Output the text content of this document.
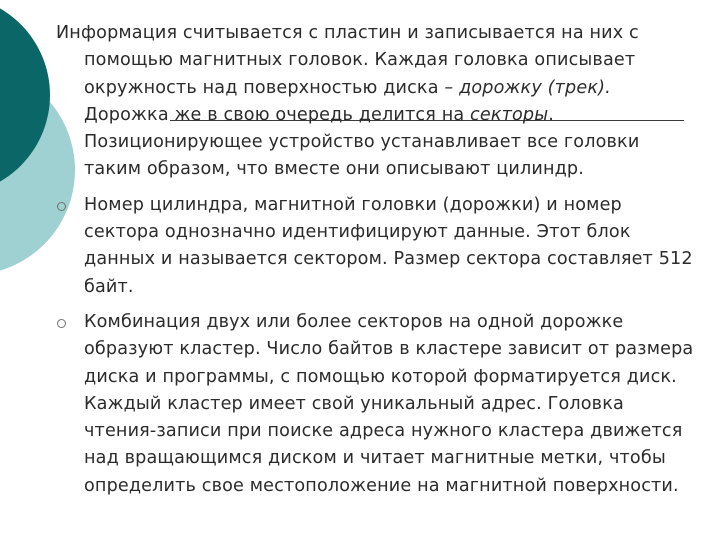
Информация считывается с пластин и записывается на них с помощью магнитных головок. Каждая головка описывает окружность над поверхностью диска – дорожку (трек). Дорожка же в свою очередь делится на секторы. Позиционирующее устройство устанавливает все головки таким образом, что вместе они описывают цилиндр.

Номер цилиндра, магнитной головки (дорожки) и номер сектора однозначно идентифицируют данные. Этот блок данных и называется сектором. Размер сектора составляет 512 байт.

Комбинация двух или более секторов на одной дорожке образуют кластер. Число байтов в кластере зависит от размера диска и программы, с помощью которой форматируется диск. Каждый кластер имеет свой уникальный адрес. Головка чтения-записи при поиске адреса нужного кластера движется над вращающимся диском и читает магнитные метки, чтобы определить свое местоположение на магнитной поверхности.
